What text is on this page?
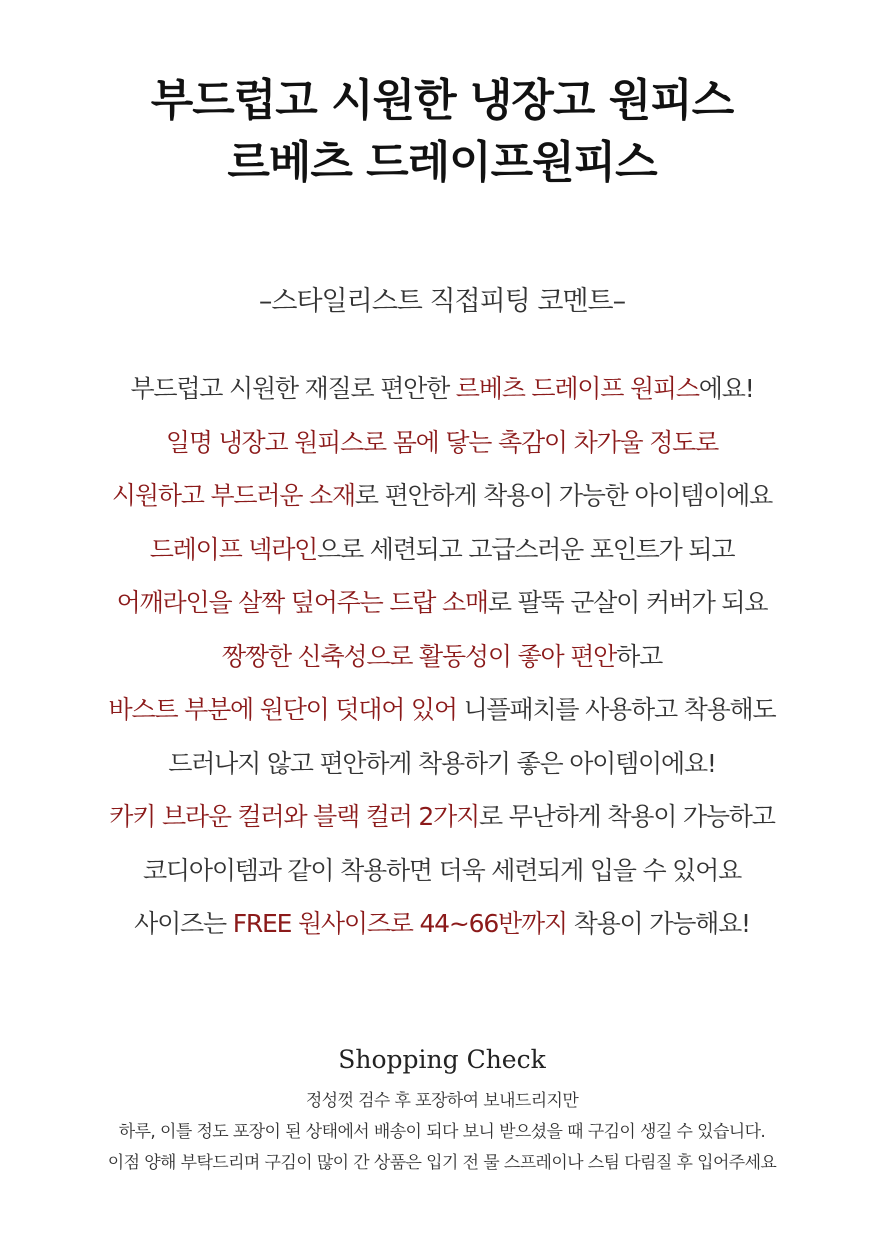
부드럽고 시원한 냉장고 원피스
르베츠 드레이프원피스
–스타일리스트 직접피팅 코멘트–
부드럽고 시원한 재질로 편안한 르베츠 드레이프 원피스에요!
일명 냉장고 원피스로 몸에 닿는 촉감이 차가울 정도로
시원하고 부드러운 소재로 편안하게 착용이 가능한 아이템이에요
드레이프 넥라인으로 세련되고 고급스러운 포인트가 되고
어깨라인을 살짝 덮어주는 드랍 소매로 팔뚝 군살이 커버가 되요
짱짱한 신축성으로 활동성이 좋아 편안하고
바스트 부분에 원단이 덧대어 있어 니플패치를 사용하고 착용해도
드러나지 않고 편안하게 착용하기 좋은 아이템이에요!
카키 브라운 컬러와 블랙 컬러 2가지로 무난하게 착용이 가능하고
코디아이템과 같이 착용하면 더욱 세련되게 입을 수 있어요
사이즈는 FREE 원사이즈로 44~66반까지 착용이 가능해요!
Shopping Check
정성껏 검수 후 포장하여 보내드리지만
하루, 이틀 정도 포장이 된 상태에서 배송이 되다 보니 받으셨을 때 구김이 생길 수 있습니다.
이점 양해 부탁드리며 구김이 많이 간 상품은 입기 전 물 스프레이나 스팀 다림질 후 입어주세요
